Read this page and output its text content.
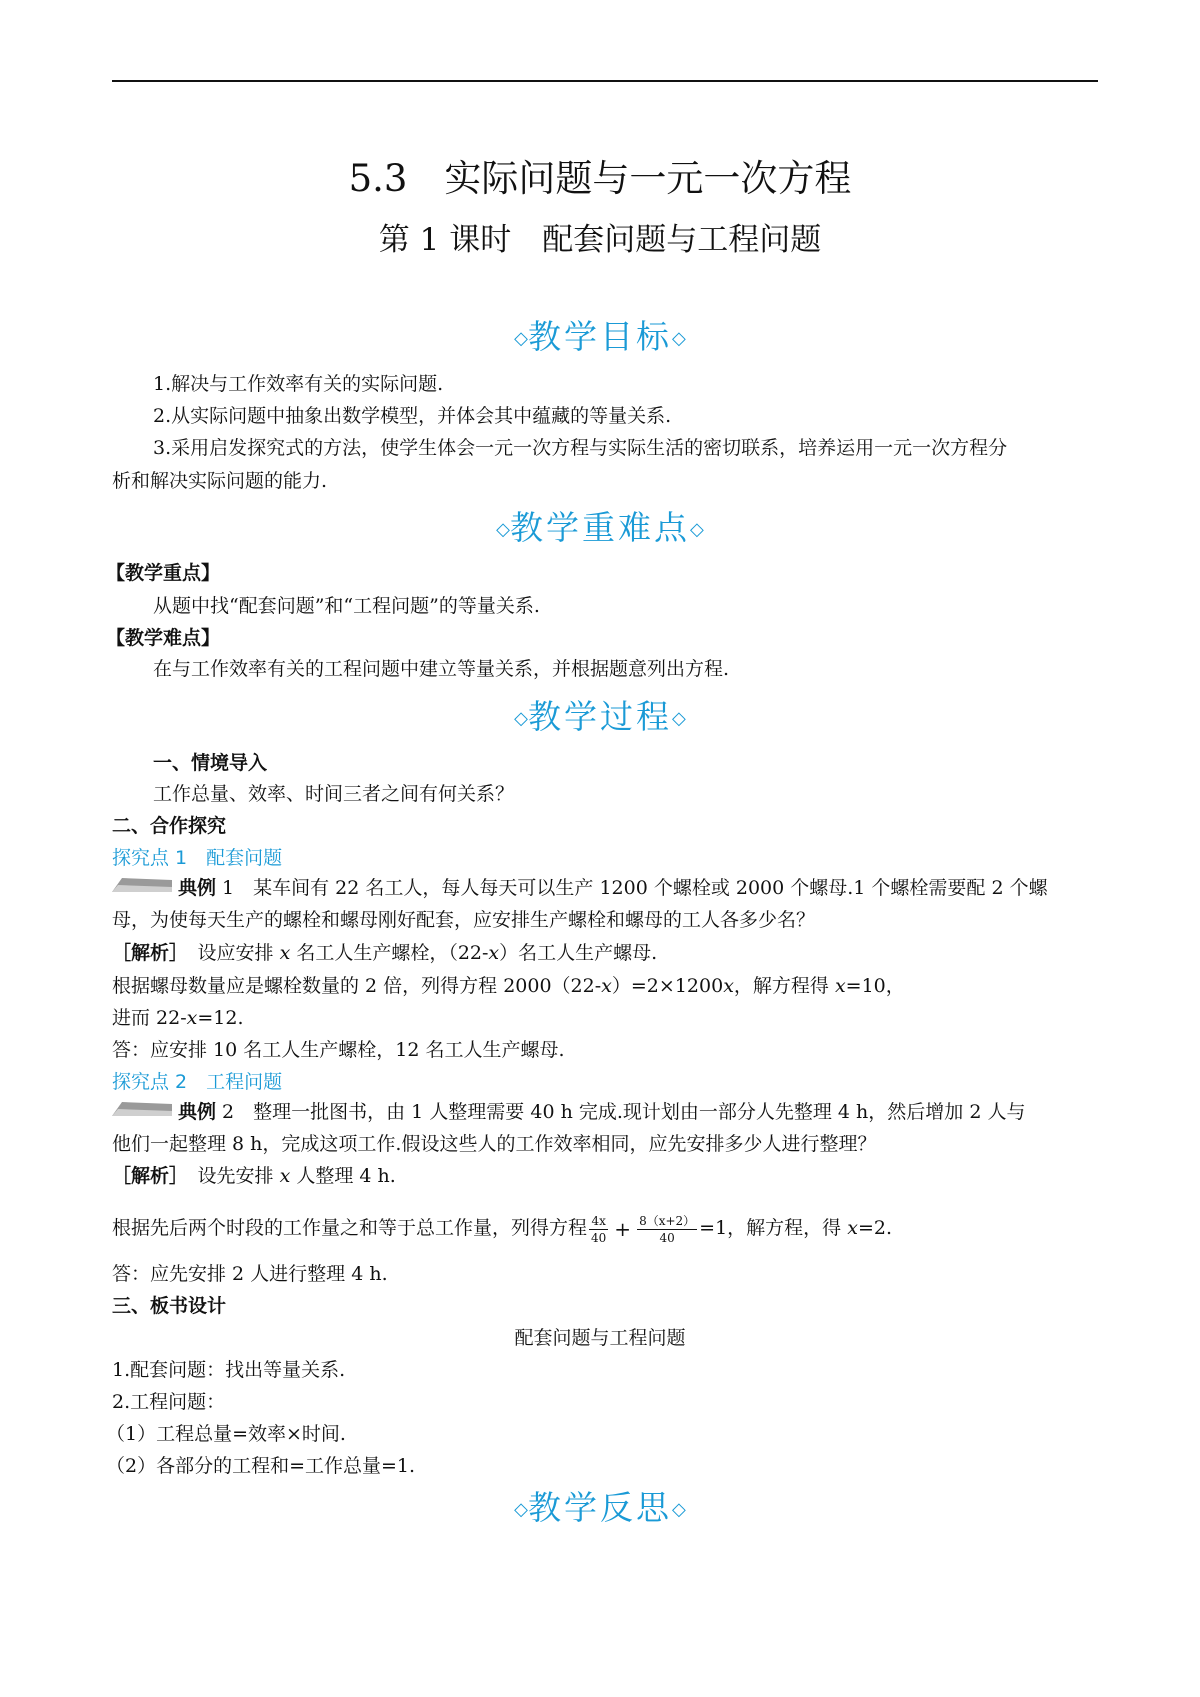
5.3　实际问题与一元一次方程
第 1 课时　配套问题与工程问题
◇教学目标◇
1.解决与工作效率有关的实际问题.
2.从实际问题中抽象出数学模型，并体会其中蕴藏的等量关系.
3.采用启发探究式的方法，使学生体会一元一次方程与实际生活的密切联系，培养运用一元一次方程分
析和解决实际问题的能力.
◇教学重难点◇
【教学重点】
从题中找“配套问题”和“工程问题”的等量关系.
【教学难点】
在与工作效率有关的工程问题中建立等量关系，并根据题意列出方程.
◇教学过程◇
一、情境导入
工作总量、效率、时间三者之间有何关系？
二、合作探究
探究点 1　配套问题
典例 1　某车间有 22 名工人，每人每天可以生产 1200 个螺栓或 2000 个螺母.1 个螺栓需要配 2 个螺
母，为使每天生产的螺栓和螺母刚好配套，应安排生产螺栓和螺母的工人各多少名？
［解析］　设应安排 x 名工人生产螺栓，（22-x）名工人生产螺母.
根据螺母数量应是螺栓数量的 2 倍，列得方程 2000（22-x）=2×1200x，解方程得 x=10，
进而 22-x=12.
答：应安排 10 名工人生产螺栓，12 名工人生产螺母.
探究点 2　工程问题
典例 2　整理一批图书，由 1 人整理需要 40 h 完成.现计划由一部分人先整理 4 h，然后增加 2 人与
他们一起整理 8 h，完成这项工作.假设这些人的工作效率相同，应先安排多少人进行整理？
［解析］　设先安排 x 人整理 4 h.
根据先后两个时段的工作量之和等于总工作量，列得方程 $\frac{4x}{40} + \frac{8(x+2)}{40} =1$，解方程，得 x=2.
答：应先安排 2 人进行整理 4 h.
三、板书设计
配套问题与工程问题
1.配套问题：找出等量关系.
2.工程问题：
（1）工程总量=效率×时间.
（2）各部分的工程和=工作总量=1.
◇教学反思◇
